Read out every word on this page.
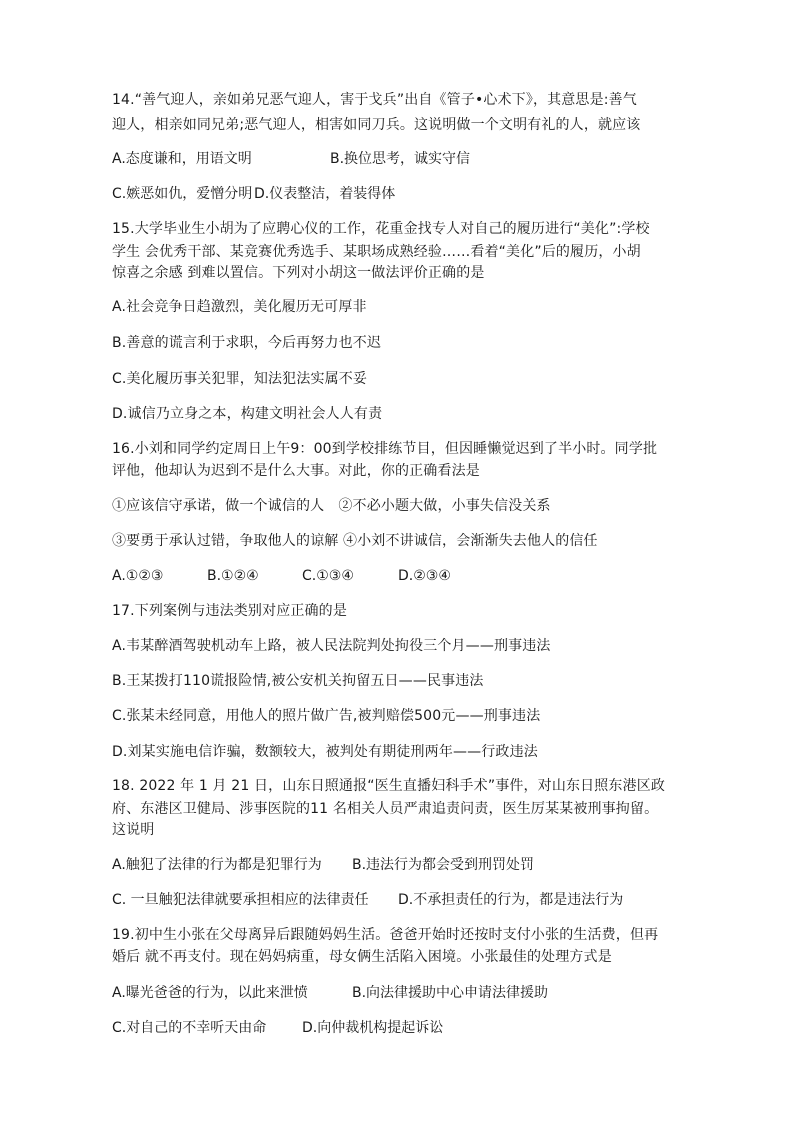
14.“善气迎人，亲如弟兄恶气迎人，害于戈兵”出自《管子•心术下》，其意思是:善气
迎人，相亲如同兄弟;恶气迎人，相害如同刀兵。这说明做一个文明有礼的人，就应该
A.态度谦和，用语文明	B.换位思考，诚实守信
C.嫉恶如仇，爱憎分明 D.仪表整洁，着装得体
15.大学毕业生小胡为了应聘心仪的工作，花重金找专人对自己的履历进行“美化”:学校
学生 会优秀干部、某竞赛优秀选手、某职场成熟经验……看着“美化”后的履历，小胡
惊喜之余感 到难以置信。下列对小胡这一做法评价正确的是
A.社会竞争日趋激烈，美化履历无可厚非
B.善意的谎言利于求职，今后再努力也不迟
C.美化履历事关犯罪，知法犯法实属不妥
D.诚信乃立身之本，构建文明社会人人有责
16.小刘和同学约定周日上午9：00到学校排练节目，但因睡懒觉迟到了半小时。同学批
评他，他却认为迟到不是什么大事。对此，你的正确看法是
①应该信守承诺，做一个诚信的人　②不必小题大做，小事失信没关系
③要勇于承认过错，争取他人的谅解 ④小刘不讲诚信，会渐渐失去他人的信任
A.①②③	B.①②④	C.①③④	D.②③④
17.下列案例与违法类别对应正确的是
A.韦某醉酒驾驶机动车上路，被人民法院判处拘役三个月——刑事违法
B.王某拨打110谎报险情,被公安机关拘留五日——民事违法
C.张某未经同意，用他人的照片做广告,被判赔偿500元——刑事违法
D.刘某实施电信诈骗，数额较大，被判处有期徒刑两年——行政违法
18. 2022 年 1 月 21 日，山东日照通报“医生直播妇科手术”事件，对山东日照东港区政
府、东港区卫健局、涉事医院的11 名相关人员严肃追责问责，医生厉某某被刑事拘留。
这说明
A.触犯了法律的行为都是犯罪行为 B.违法行为都会受到刑罚处罚
C. 一旦触犯法律就要承担相应的法律责任 D.不承担责任的行为，都是违法行为
19.初中生小张在父母离异后跟随妈妈生活。爸爸开始时还按时支付小张的生活费，但再
婚后 就不再支付。现在妈妈病重，母女俩生活陷入困境。小张最佳的处理方式是
A.曝光爸爸的行为，以此来泄愤	B.向法律援助中心申请法律援助
C.对自己的不幸听天由命	D.向仲裁机构提起诉讼
